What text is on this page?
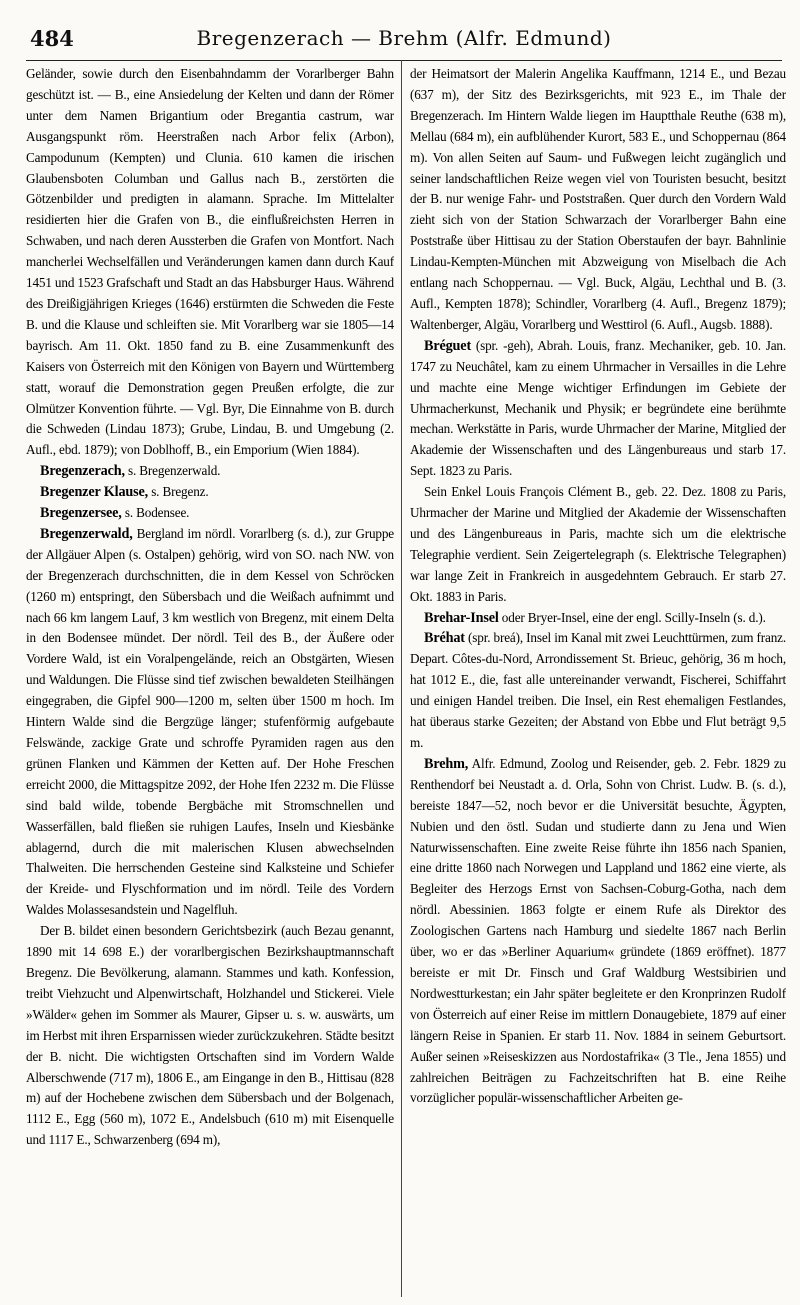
484	Bregenzerach — Brehm (Alfr. Edmund)

Geländer, sowie durch den Eisenbahndamm der Vorarlberger Bahn geschützt ist. — B., eine Ansiedelung der Kelten und dann der Römer unter dem Namen Brigantium oder Bregantia castrum, war Ausgangspunkt röm. Heerstraßen nach Arbor felix (Arbon), Campodunum (Kempten) und Clunia. 610 kamen die irischen Glaubensboten Columban und Gallus nach B., zerstörten die Götzenbilder und predigten in alamann. Sprache. Im Mittelalter residierten hier die Grafen von B., die einflußreichsten Herren in Schwaben, und nach deren Aussterben die Grafen von Montfort. Nach mancherlei Wechselfällen und Veränderungen kamen dann durch Kauf 1451 und 1523 Grafschaft und Stadt an das Habsburger Haus. Während des Dreißigjährigen Krieges (1646) erstürmten die Schweden die Feste B. und die Klause und schleiften sie. Mit Vorarlberg war sie 1805—14 bayrisch. Am 11. Okt. 1850 fand zu B. eine Zusammenkunft des Kaisers von Österreich mit den Königen von Bayern und Württemberg statt, worauf die Demonstration gegen Preußen erfolgte, die zur Olmützer Konvention führte. — Vgl. Byr, Die Einnahme von B. durch die Schweden (Lindau 1873); Grube, Lindau, B. und Umgebung (2. Aufl., ebd. 1879); von Doblhoff, B., ein Emporium (Wien 1884).

Bregenzerach, s. Bregenzerwald.

Bregenzer Klause, s. Bregenz.

Bregenzersee, s. Bodensee.

Bregenzerwald, Bergland im nördl. Vorarlberg (s. d.), zur Gruppe der Allgäuer Alpen (s. Ostalpen) gehörig, wird von SO. nach NW. von der Bregenzerach durchschnitten, die in dem Kessel von Schröcken (1260 m) entspringt, den Sübersbach und die Weißach aufnimmt und nach 66 km langem Lauf, 3 km westlich von Bregenz, mit einem Delta in den Bodensee mündet. Der nördl. Teil des B., der Äußere oder Vordere Wald, ist ein Voralpengelände, reich an Obstgärten, Wiesen und Waldungen. Die Flüsse sind tief zwischen bewaldeten Steilhängen eingegraben, die Gipfel 900—1200 m, selten über 1500 m hoch. Im Hintern Walde sind die Bergzüge länger; stufenförmig aufgebaute Felswände, zackige Grate und schroffe Pyramiden ragen aus den grünen Flanken und Kämmen der Ketten auf. Der Hohe Freschen erreicht 2000, die Mittagspitze 2092, der Hohe Ifen 2232 m. Die Flüsse sind bald wilde, tobende Bergbäche mit Stromschnellen und Wasserfällen, bald fließen sie ruhigen Laufes, Inseln und Kiesbänke ablagernd, durch die mit malerischen Klusen abwechselnden Thalweiten. Die herrschenden Gesteine sind Kalksteine und Schiefer der Kreide- und Flyschformation und im nördl. Teile des Vordern Waldes Molassesandstein und Nagelfluh.

Der B. bildet einen besondern Gerichtsbezirk (auch Bezau genannt, 1890 mit 14 698 E.) der vorarlbergischen Bezirkshauptmannschaft Bregenz. Die Bevölkerung, alamann. Stammes und kath. Konfession, treibt Viehzucht und Alpenwirtschaft, Holzhandel und Stickerei. Viele »Wälder« gehen im Sommer als Maurer, Gipser u. s. w. auswärts, um im Herbst mit ihren Ersparnissen wieder zurückzukehren. Städte besitzt der B. nicht. Die wichtigsten Ortschaften sind im Vordern Walde Alberschwende (717 m), 1806 E., am Eingange in den B., Hittisau (828 m) auf der Hochebene zwischen dem Sübersbach und der Bolgenach, 1112 E., Egg (560 m), 1072 E., Andelsbuch (610 m) mit Eisenquelle und 1117 E., Schwarzenberg (694 m),

der Heimatsort der Malerin Angelika Kauffmann, 1214 E., und Bezau (637 m), der Sitz des Bezirksgerichts, mit 923 E., im Thale der Bregenzerach. Im Hintern Walde liegen im Hauptthale Reuthe (638 m), Mellau (684 m), ein aufblühender Kurort, 583 E., und Schoppernau (864 m). Von allen Seiten auf Saum- und Fußwegen leicht zugänglich und seiner landschaftlichen Reize wegen viel von Touristen besucht, besitzt der B. nur wenige Fahr- und Poststraßen. Quer durch den Vordern Wald zieht sich von der Station Schwarzach der Vorarlberger Bahn eine Poststraße über Hittisau zu der Station Oberstaufen der bayr. Bahnlinie Lindau-Kempten-München mit Abzweigung von Miselbach die Ach entlang nach Schoppernau. — Vgl. Buck, Algäu, Lechthal und B. (3. Aufl., Kempten 1878); Schindler, Vorarlberg (4. Aufl., Bregenz 1879); Waltenberger, Algäu, Vorarlberg und Westtirol (6. Aufl., Augsb. 1888).

Bréguet (spr. -geh), Abrah. Louis, franz. Mechaniker, geb. 10. Jan. 1747 zu Neuchâtel, kam zu einem Uhrmacher in Versailles in die Lehre und machte eine Menge wichtiger Erfindungen im Gebiete der Uhrmacherkunst, Mechanik und Physik; er begründete eine berühmte mechan. Werkstätte in Paris, wurde Uhrmacher der Marine, Mitglied der Akademie der Wissenschaften und des Längenbureaus und starb 17. Sept. 1823 zu Paris.

Sein Enkel Louis François Clément B., geb. 22. Dez. 1808 zu Paris, Uhrmacher der Marine und Mitglied der Akademie der Wissenschaften und des Längenbureaus in Paris, machte sich um die elektrische Telegraphie verdient. Sein Zeigertelegraph (s. Elektrische Telegraphen) war lange Zeit in Frankreich in ausgedehntem Gebrauch. Er starb 27. Okt. 1883 in Paris.

Brehar-Insel oder Bryer-Insel, eine der engl. Scilly-Inseln (s. d.).

Bréhat (spr. breá), Insel im Kanal mit zwei Leuchttürmen, zum franz. Depart. Côtes-du-Nord, Arrondissement St. Brieuc, gehörig, 36 m hoch, hat 1012 E., die, fast alle untereinander verwandt, Fischerei, Schiffahrt und einigen Handel treiben. Die Insel, ein Rest ehemaligen Festlandes, hat überaus starke Gezeiten; der Abstand von Ebbe und Flut beträgt 9,5 m.

Brehm, Alfr. Edmund, Zoolog und Reisender, geb. 2. Febr. 1829 zu Renthendorf bei Neustadt a. d. Orla, Sohn von Christ. Ludw. B. (s. d.), bereiste 1847—52, noch bevor er die Universität besuchte, Ägypten, Nubien und den östl. Sudan und studierte dann zu Jena und Wien Naturwissenschaften. Eine zweite Reise führte ihn 1856 nach Spanien, eine dritte 1860 nach Norwegen und Lappland und 1862 eine vierte, als Begleiter des Herzogs Ernst von Sachsen-Coburg-Gotha, nach dem nördl. Abessinien. 1863 folgte er einem Rufe als Direktor des Zoologischen Gartens nach Hamburg und siedelte 1867 nach Berlin über, wo er das »Berliner Aquarium« gründete (1869 eröffnet). 1877 bereiste er mit Dr. Finsch und Graf Waldburg Westsibirien und Nordwestturkestan; ein Jahr später begleitete er den Kronprinzen Rudolf von Österreich auf einer Reise im mittlern Donaugebiete, 1879 auf einer längern Reise in Spanien. Er starb 11. Nov. 1884 in seinem Geburtsort. Außer seinen »Reiseskizzen aus Nordostafrika« (3 Tle., Jena 1855) und zahlreichen Beiträgen zu Fachzeitschriften hat B. eine Reihe vorzüglicher populär-wissenschaftlicher Arbeiten ge-
